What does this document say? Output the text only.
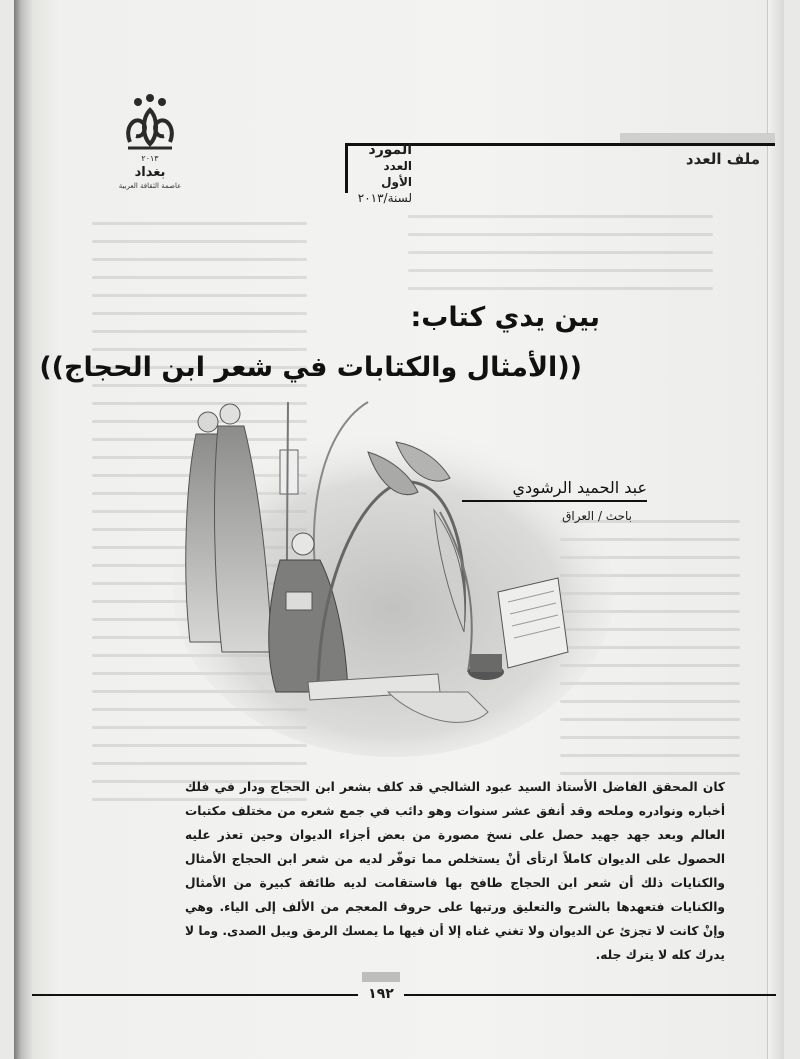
٢٠١٣
بغداد
عاصمة الثقافة العربية
ملف العدد
المورد
العدد الأول
لسنة/٢٠١٣
بين يدي كتاب:
((الأمثال والكتابات في شعر ابن الحجاج))
عبد الحميد الرشودي
باحث / العراق
كان المحقق الفاضل الأستاذ السيد عبود الشالجي قد كلف بشعر ابن الحجاج ودار في فلك أخباره ونوادره وملحه وقد أنفق عشر سنوات وهو دائب في جمع شعره من مختلف مكتبات العالم وبعد جهد جهيد حصل على نسخ مصورة من بعض أجزاء الديوان وحين تعذر عليه الحصول على الديوان كاملاً ارتأى أنْ يستخلص مما توفّر لديه من شعر ابن الحجاج الأمثال والكنايات ذلك أن شعر ابن الحجاج طافح بها فاستقامت لديه طائفة كبيرة من الأمثال والكنايات فتعهدها بالشرح والتعليق ورتبها على حروف المعجم من الألف إلى الياء. وهي وإنْ كانت لا تجزئ عن الديوان ولا تغني غناه إلا أن فيها ما يمسك الرمق ويبل الصدى. وما لا يدرك كله لا يترك جله.
١٩٢
